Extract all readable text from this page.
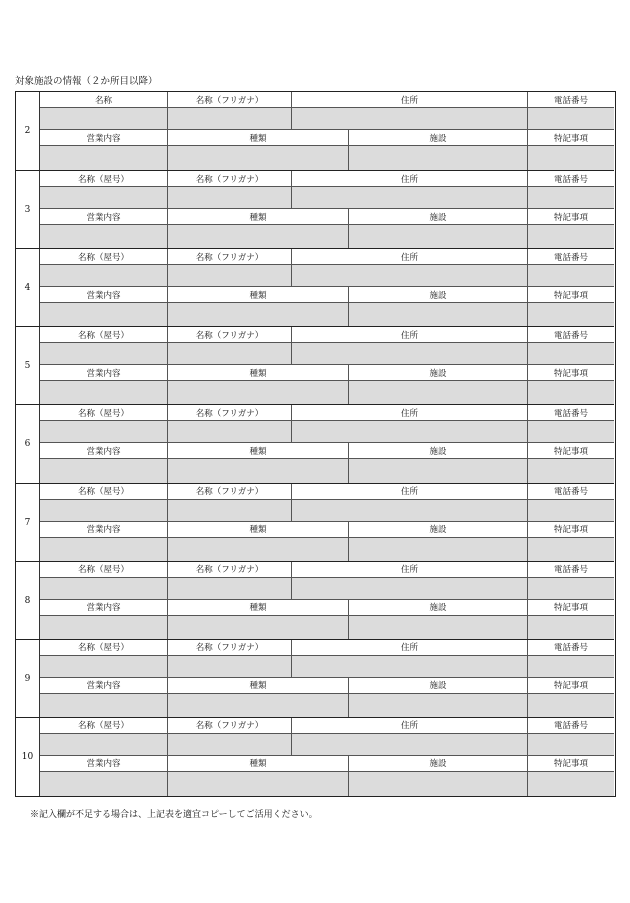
対象施設の情報（２か所目以降）
2
名称	名称（フリガナ）	住所	電話番号
営業内容	種類	施設	特記事項
3
名称（屋号）	名称（フリガナ）	住所	電話番号
営業内容	種類	施設	特記事項
4
名称（屋号）	名称（フリガナ）	住所	電話番号
営業内容	種類	施設	特記事項
5
名称（屋号）	名称（フリガナ）	住所	電話番号
営業内容	種類	施設	特記事項
6
名称（屋号）	名称（フリガナ）	住所	電話番号
営業内容	種類	施設	特記事項
7
名称（屋号）	名称（フリガナ）	住所	電話番号
営業内容	種類	施設	特記事項
8
名称（屋号）	名称（フリガナ）	住所	電話番号
営業内容	種類	施設	特記事項
9
名称（屋号）	名称（フリガナ）	住所	電話番号
営業内容	種類	施設	特記事項
10
名称（屋号）	名称（フリガナ）	住所	電話番号
営業内容	種類	施設	特記事項
※記入欄が不足する場合は、上記表を適宜コピーしてご活用ください。
